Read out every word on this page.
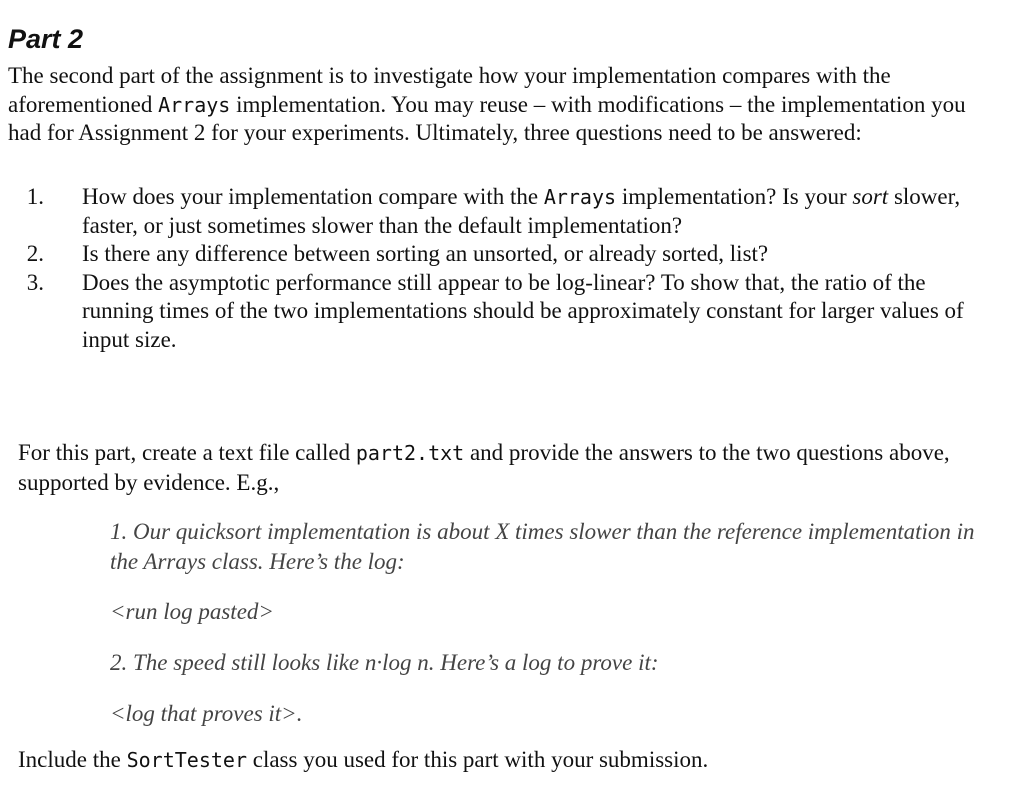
Part 2

The second part of the assignment is to investigate how your implementation compares with the aforementioned Arrays implementation. You may reuse – with modifications – the implementation you had for Assignment 2 for your experiments. Ultimately, three questions need to be answered:

1.	How does your implementation compare with the Arrays implementation? Is your sort slower, faster, or just sometimes slower than the default implementation?
2.	Is there any difference between sorting an unsorted, or already sorted, list?
3.	Does the asymptotic performance still appear to be log-linear? To show that, the ratio of the running times of the two implementations should be approximately constant for larger values of input size.

For this part, create a text file called part2.txt and provide the answers to the two questions above, supported by evidence. E.g.,

1. Our quicksort implementation is about X times slower than the reference implementation in the Arrays class. Here’s the log:

<run log pasted>

2. The speed still looks like n·log n. Here’s a log to prove it:

<log that proves it>.

Include the SortTester class you used for this part with your submission.
